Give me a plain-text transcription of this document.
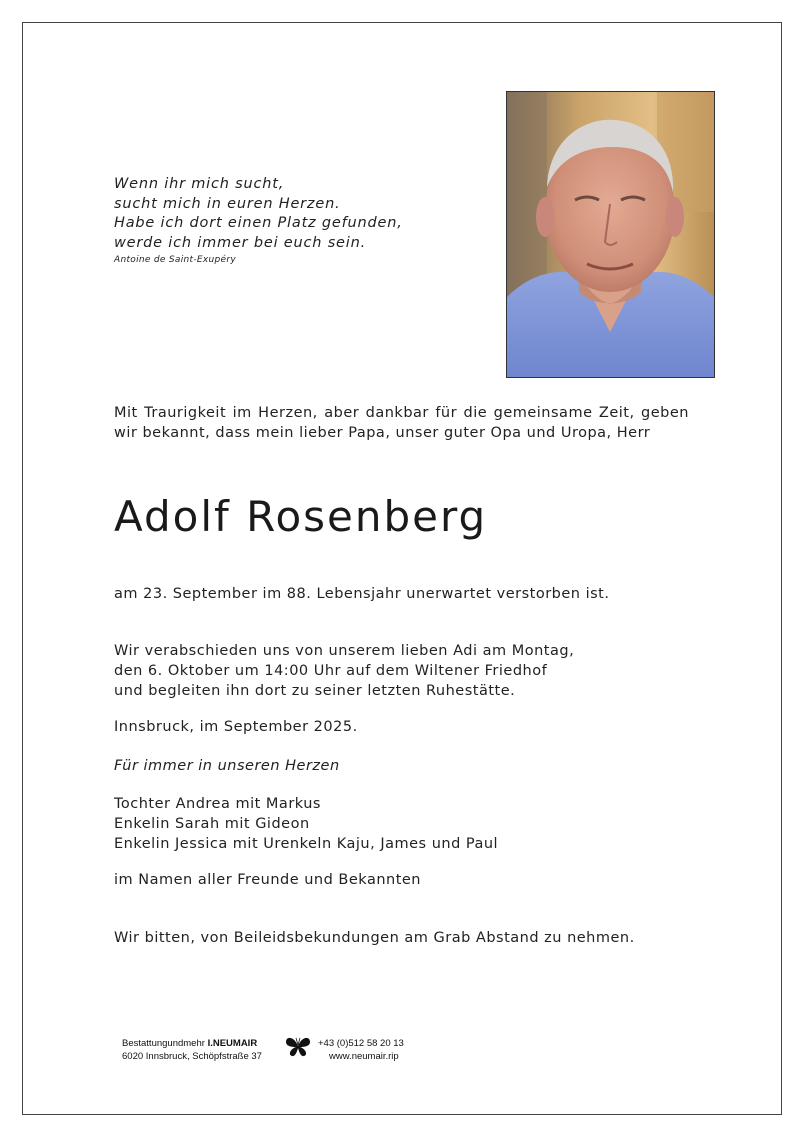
Wenn ihr mich sucht,
sucht mich in euren Herzen.
Habe ich dort einen Platz gefunden,
werde ich immer bei euch sein.
Antoine de Saint-Exupéry
Mit Traurigkeit im Herzen, aber dankbar für die gemeinsame Zeit, geben wir bekannt, dass mein lieber Papa, unser guter Opa und Uropa, Herr
Adolf Rosenberg
am 23. September im 88. Lebensjahr unerwartet verstorben ist.
Wir verabschieden uns von unserem lieben Adi am Montag,
den 6. Oktober um 14:00 Uhr auf dem Wiltener Friedhof
und begleiten ihn dort zu seiner letzten Ruhestätte.
Innsbruck, im September 2025.
Für immer in unseren Herzen
Tochter Andrea mit Markus
Enkelin Sarah mit Gideon
Enkelin Jessica mit Urenkeln Kaju, James und Paul
im Namen aller Freunde und Bekannten
Wir bitten, von Beileidsbekundungen am Grab Abstand zu nehmen.
Bestattungundmehr I.NEUMAIR
6020 Innsbruck, Schöpfstraße 37
+43 (0)512 58 20 13
www.neumair.rip
